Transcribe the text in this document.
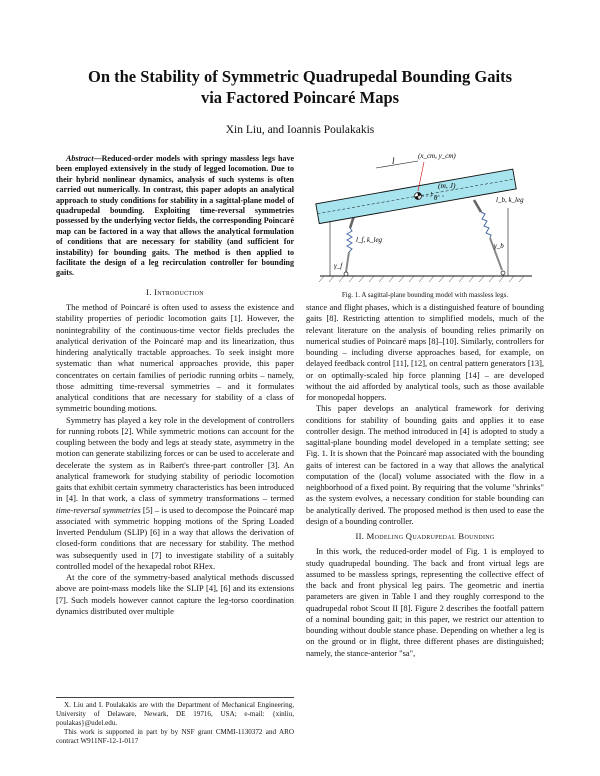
On the Stability of Symmetric Quadrupedal Bounding Gaits
via Factored Poincaré Maps
Xin Liu, and Ioannis Poulakakis

Abstract—Reduced-order models with springy massless legs have been employed extensively in the study of legged locomotion. Due to their hybrid nonlinear dynamics, analysis of such systems is often carried out numerically. In contrast, this paper adopts an analytical approach to study conditions for stability in a sagittal-plane model of quadrupedal bounding. Exploiting time-reversal symmetries possessed by the underlying vector fields, the corresponding Poincaré map can be factored in a way that allows the analytical formulation of conditions that are necessary for stability (and sufficient for instability) for bounding gaits. The method is then applied to facilitate the design of a leg recirculation controller for bounding gaits.

I. Introduction

The method of Poincaré is often used to assess the existence and stability properties of periodic locomotion gaits [1]. However, the nonintegrability of the continuous-time vector fields precludes the analytical derivation of the Poincaré map and its linearization, thus hindering analytically tractable approaches. To seek insight more systematic than what numerical approaches provide, this paper concentrates on certain families of periodic running orbits – namely, those admitting time-reversal symmetries – and it formulates analytical conditions that are necessary for stability of a class of symmetric bounding motions.

Symmetry has played a key role in the development of controllers for running robots [2]. While symmetric motions can account for the coupling between the body and legs at steady state, asymmetry in the motion can generate stabilizing forces or can be used to accelerate and decelerate the system as in Raibert's three-part controller [3]. An analytical framework for studying stability of periodic locomotion gaits that exhibit certain symmetry characteristics has been introduced in [4]. In that work, a class of symmetry transformations – termed time-reversal symmetries [5] – is used to decompose the Poincaré map associated with symmetric hopping motions of the Spring Loaded Inverted Pendulum (SLIP) [6] in a way that allows the derivation of closed-form conditions that are necessary for stability. The method was subsequently used in [7] to investigate stability of a suitably controlled model of the hexapedal robot RHex.

At the core of the symmetry-based analytical methods discussed above are point-mass models like the SLIP [4], [6] and its extensions [7]. Such models however cannot capture the leg-torso coordination dynamics distributed over multiple

X. Liu and I. Poulakakis are with the Department of Mechanical Engineering, University of Delaware, Newark, DE 19716, USA; e-mail: {xinliu, poulakas}@udel.edu.

This work is supported in part by by NSF grant CMMI-1130372 and ARO contract W911NF-12-1-0117

l	(x_cm, y_cm)
(m, J)
θ
l_f, k_leg
l_b, k_leg
γ_f
γ_b
Fig. 1. A sagittal-plane bounding model with massless legs.

stance and flight phases, which is a distinguished feature of bounding gaits [8]. Restricting attention to simplified models, much of the relevant literature on the analysis of bounding relies primarily on numerical studies of Poincaré maps [8]–[10]. Similarly, controllers for bounding – including diverse approaches based, for example, on delayed feedback control [11], [12], on central pattern generators [13], or on optimally-scaled hip force planning [14] – are developed without the aid afforded by analytical tools, such as those available for monopedal hoppers.

This paper develops an analytical framework for deriving conditions for stability of bounding gaits and applies it to ease controller design. The method introduced in [4] is adopted to study a sagittal-plane bounding model developed in a template setting; see Fig. 1. It is shown that the Poincaré map associated with the bounding gaits of interest can be factored in a way that allows the analytical computation of the (local) volume associated with the flow in a neighborhood of a fixed point. By requiring that the volume "shrinks" as the system evolves, a necessary condition for stable bounding can be analytically derived. The proposed method is then used to ease the design of a bounding controller.

II. Modeling Quadrupedal Bounding

In this work, the reduced-order model of Fig. 1 is employed to study quadrupedal bounding. The back and front virtual legs are assumed to be massless springs, representing the collective effect of the back and front physical leg pairs. The geometric and inertia parameters are given in Table I and they roughly correspond to the quadrupedal robot Scout II [8]. Figure 2 describes the footfall pattern of a nominal bounding gait; in this paper, we restrict our attention to bounding without double stance phase. Depending on whether a leg is on the ground or in flight, three different phases are distinguished; namely, the stance-anterior "sa",
